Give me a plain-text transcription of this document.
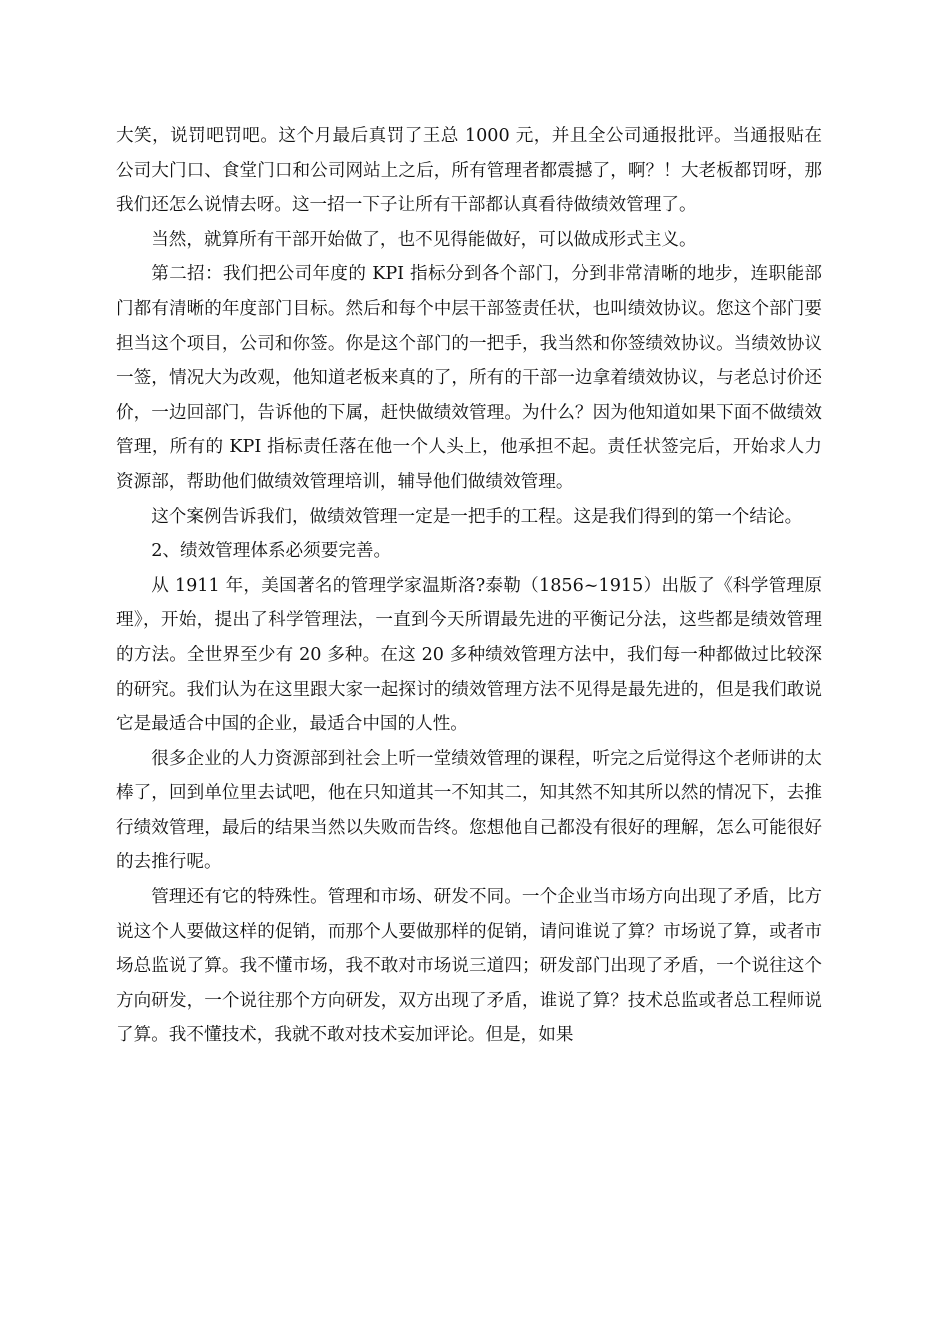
大笑，说罚吧罚吧。这个月最后真罚了王总 1000 元，并且全公司通报批评。当通报贴在公司大门口、食堂门口和公司网站上之后，所有管理者都震撼了，啊？！大老板都罚呀，那我们还怎么说情去呀。这一招一下子让所有干部都认真看待做绩效管理了。

当然，就算所有干部开始做了，也不见得能做好，可以做成形式主义。

第二招：我们把公司年度的 KPI 指标分到各个部门，分到非常清晰的地步，连职能部门都有清晰的年度部门目标。然后和每个中层干部签责任状，也叫绩效协议。您这个部门要担当这个项目，公司和你签。你是这个部门的一把手，我当然和你签绩效协议。当绩效协议一签，情况大为改观，他知道老板来真的了，所有的干部一边拿着绩效协议，与老总讨价还价，一边回部门，告诉他的下属，赶快做绩效管理。为什么？因为他知道如果下面不做绩效管理，所有的 KPI 指标责任落在他一个人头上，他承担不起。责任状签完后，开始求人力资源部，帮助他们做绩效管理培训，辅导他们做绩效管理。

这个案例告诉我们，做绩效管理一定是一把手的工程。这是我们得到的第一个结论。

2、绩效管理体系必须要完善。

从 1911 年，美国著名的管理学家温斯洛?泰勒（1856~1915）出版了《科学管理原理》，开始，提出了科学管理法，一直到今天所谓最先进的平衡记分法，这些都是绩效管理的方法。全世界至少有 20 多种。在这 20 多种绩效管理方法中，我们每一种都做过比较深的研究。我们认为在这里跟大家一起探讨的绩效管理方法不见得是最先进的，但是我们敢说它是最适合中国的企业，最适合中国的人性。

很多企业的人力资源部到社会上听一堂绩效管理的课程，听完之后觉得这个老师讲的太棒了，回到单位里去试吧，他在只知道其一不知其二，知其然不知其所以然的情况下，去推行绩效管理，最后的结果当然以失败而告终。您想他自己都没有很好的理解，怎么可能很好的去推行呢。

管理还有它的特殊性。管理和市场、研发不同。一个企业当市场方向出现了矛盾，比方说这个人要做这样的促销，而那个人要做那样的促销，请问谁说了算？市场说了算，或者市场总监说了算。我不懂市场，我不敢对市场说三道四；研发部门出现了矛盾，一个说往这个方向研发，一个说往那个方向研发，双方出现了矛盾，谁说了算？技术总监或者总工程师说了算。我不懂技术，我就不敢对技术妄加评论。但是，如果
